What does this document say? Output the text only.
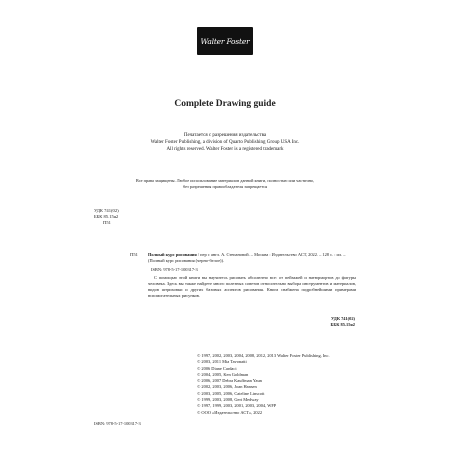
Walter Foster
Complete Drawing guide
Печатается с разрешения издательства
Walter Foster Publishing, a division of Quarto Publishing Group USA Inc.
All rights reserved. Walter Foster is a registered trademark
Все права защищены. Любое использование материалов данной книги, полностью или частично,
без разрешения правообладателя запрещается
УДК 741(02)
ББК 85.15я2
П51
П51 Полный курс рисования / пер с англ. А. Степановой. – Москва : Издательство АСТ, 2022. – 128 с. : ил. – (Полный курс рисования (черно-белое)).
ISBN: 978-5-17-100317-3
С помощью этой книги вы научитесь рисовать абсолютно все: от пейзажей и натюрмортов до фигуры человека. Здесь вы также найдете много полезных советов относительно выбора инструментов и материалов, видов штриховки и других базовых аспектов рисования. Книга снабжена подробнейшими примерами вспомогательных рисунков.
УДК 741(02)
ББК 85.15я2
© 1997, 2002, 2003, 2004, 2008, 2012, 2013 Walter Foster Publishing, Inc.
© 2003, 2011 Mia Tavonatti
© 2006 Diane Cardaci
© 2004, 2005, Ken Goldman
© 2006, 2007 Debra Kauffman Yaun
© 2002, 2003, 2006, Joan Hansen
© 2003, 2005, 2006, Cateline Linscott
© 1999, 2003, 2008, Gert Medway
© 1997, 1999, 2003, 2001, 2003, 2004, WFP
© ООО «Издательство АСТ», 2022
ISBN: 978-5-17-100317-3
